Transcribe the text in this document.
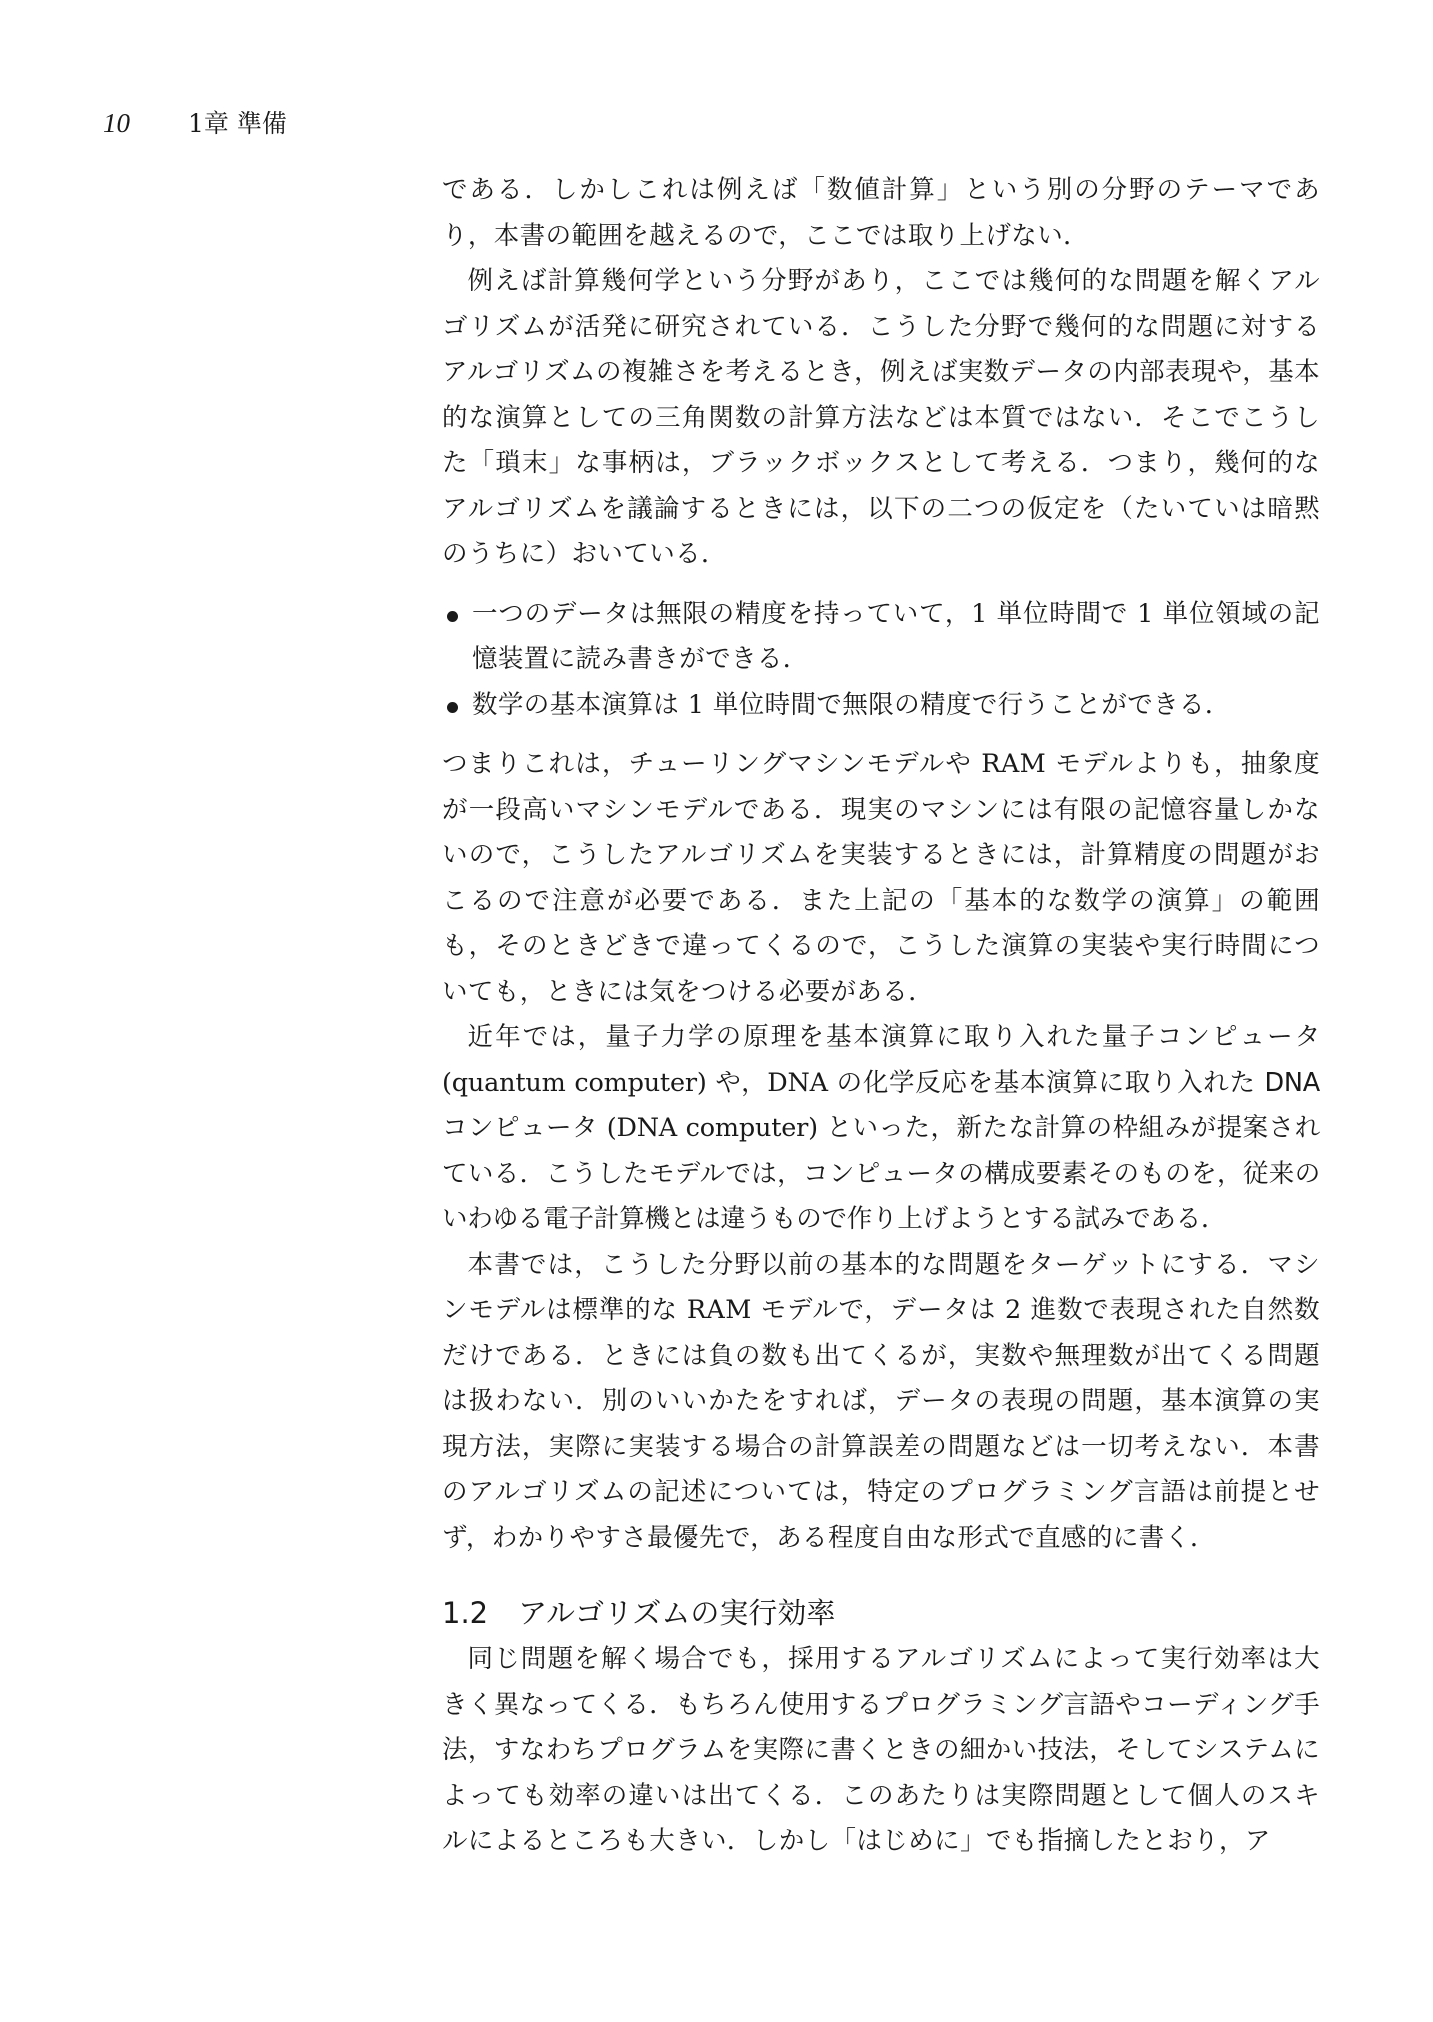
10 1章 準備

である．しかしこれは例えば「数値計算」という別の分野のテーマであり，本書の範囲を越えるので，ここでは取り上げない．

例えば計算幾何学という分野があり，ここでは幾何的な問題を解くアルゴリズムが活発に研究されている．こうした分野で幾何的な問題に対するアルゴリズムの複雑さを考えるとき，例えば実数データの内部表現や，基本的な演算としての三角関数の計算方法などは本質ではない．そこでこうした「瑣末」な事柄は，ブラックボックスとして考える．つまり，幾何的なアルゴリズムを議論するときには，以下の二つの仮定を（たいていは暗黙のうちに）おいている．

一つのデータは無限の精度を持っていて，1 単位時間で 1 単位領域の記憶装置に読み書きができる．
数学の基本演算は 1 単位時間で無限の精度で行うことができる．

つまりこれは，チューリングマシンモデルや RAM モデルよりも，抽象度が一段高いマシンモデルである．現実のマシンには有限の記憶容量しかないので，こうしたアルゴリズムを実装するときには，計算精度の問題がおこるので注意が必要である．また上記の「基本的な数学の演算」の範囲も，そのときどきで違ってくるので，こうした演算の実装や実行時間についても，ときには気をつける必要がある．

近年では，量子力学の原理を基本演算に取り入れた量子コンピュータ (quantum computer) や，DNA の化学反応を基本演算に取り入れた DNA コンピュータ (DNA computer) といった，新たな計算の枠組みが提案されている．こうしたモデルでは，コンピュータの構成要素そのものを，従来のいわゆる電子計算機とは違うもので作り上げようとする試みである．

本書では，こうした分野以前の基本的な問題をターゲットにする．マシンモデルは標準的な RAM モデルで，データは 2 進数で表現された自然数だけである．ときには負の数も出てくるが，実数や無理数が出てくる問題は扱わない．別のいいかたをすれば，データの表現の問題，基本演算の実現方法，実際に実装する場合の計算誤差の問題などは一切考えない．本書のアルゴリズムの記述については，特定のプログラミング言語は前提とせず，わかりやすさ最優先で，ある程度自由な形式で直感的に書く．

1.2 アルゴリズムの実行効率

同じ問題を解く場合でも，採用するアルゴリズムによって実行効率は大きく異なってくる．もちろん使用するプログラミング言語やコーディング手法，すなわちプログラムを実際に書くときの細かい技法，そしてシステムによっても効率の違いは出てくる．このあたりは実際問題として個人のスキルによるところも大きい．しかし「はじめに」でも指摘したとおり，ア
